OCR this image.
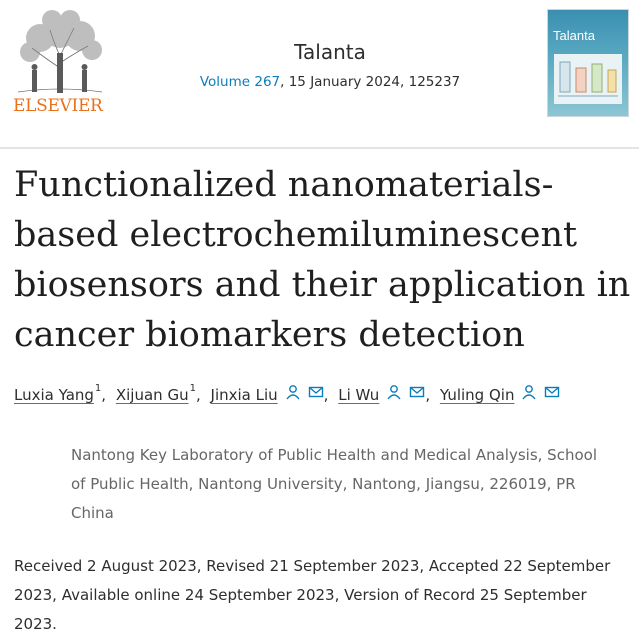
ELSEVIER
Talanta
Volume 267, 15 January 2024, 125237
Talanta
Functionalized nanomaterials-based electrochemiluminescent biosensors and their application in cancer biomarkers detection
Luxia Yang 1 , Xijuan Gu 1 , Jinxia Liu	, Li Wu	, Yuling Qin
Nantong Key Laboratory of Public Health and Medical Analysis, School of Public Health, Nantong University, Nantong, Jiangsu, 226019, PR China
Received 2 August 2023, Revised 21 September 2023, Accepted 22 September 2023, Available online 24 September 2023, Version of Record 25 September 2023.
